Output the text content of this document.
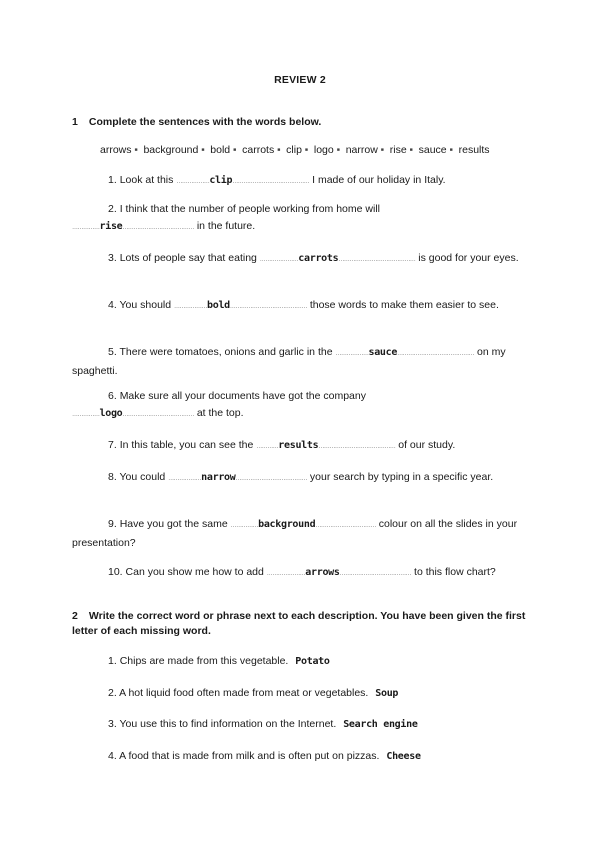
REVIEW 2
1 Complete the sentences with the words below.
arrows ■ background ■ bold ■ carrots ■ clip ■ logo ■ narrow ■ rise ■ sauce ■ results
1. Look at this ………………clip…………………………………… I made of our holiday in Italy.
2. I think that the number of people working from home will
……………rise………………………………… in the future.
3. Lots of people say that eating …………………carrots…………………………………… is good for your eyes.
4. You should ………………bold…………………………………… those words to make them easier to see.
5. There were tomatoes, onions and garlic in the ………………sauce…………………………………… on my spaghetti.
6. Make sure all your documents have got the company
……………logo………………………………… at the top.
7. In this table, you can see the …………results…………………………………… of our study.
8. You could ………………narrow………………………………… your search by typing in a specific year.
9. Have you got the same ……………background…………………………… colour on all the slides in your presentation?
10. Can you show me how to add …………………arrows………………………………… to this flow chart?
2 Write the correct word or phrase next to each description. You have been given the first letter of each missing word.
1. Chips are made from this vegetable. Potato
2. A hot liquid food often made from meat or vegetables. Soup
3. You use this to find information on the Internet. Search engine
4. A food that is made from milk and is often put on pizzas. Cheese
